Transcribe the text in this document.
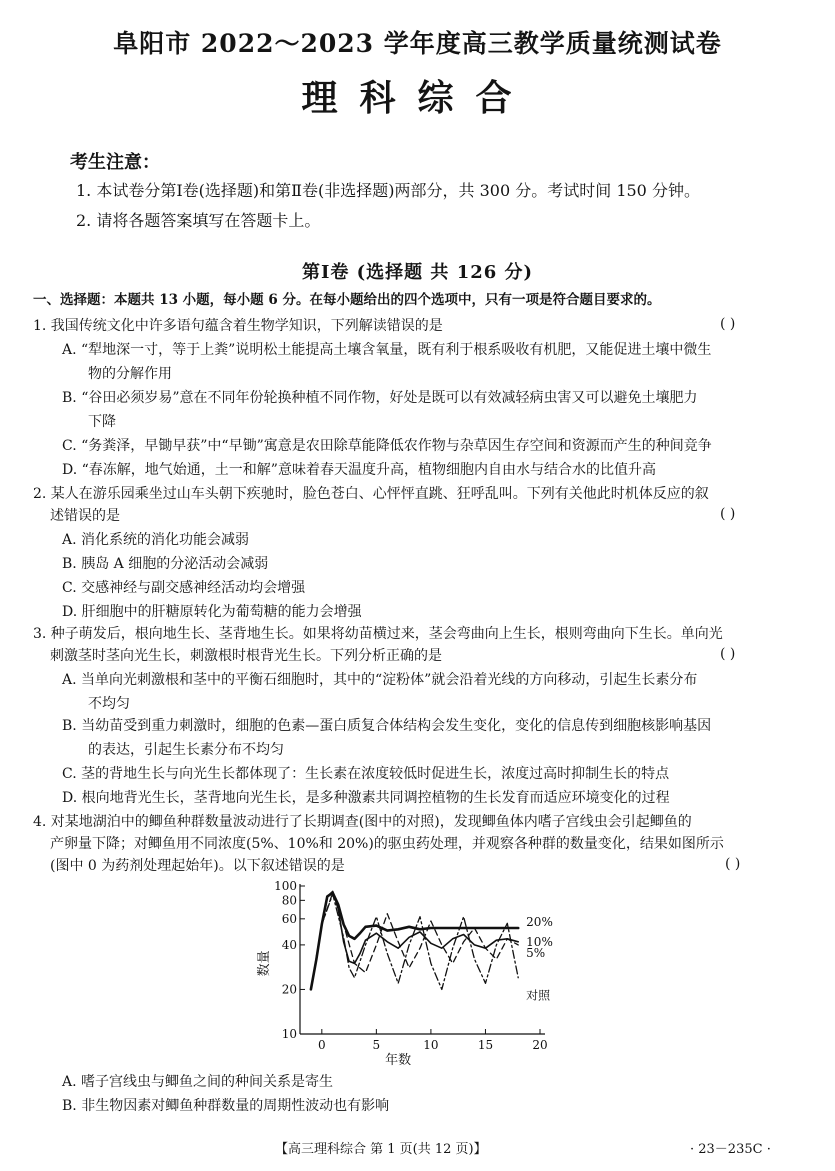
阜阳市 2022～2023 学年度高三教学质量统测试卷
理科综合
考生注意：
1. 本试卷分第Ⅰ卷(选择题)和第Ⅱ卷(非选择题)两部分，共 300 分。考试时间 150 分钟。
2. 请将各题答案填写在答题卡上。
第Ⅰ卷 (选择题 共 126 分)
一、选择题：本题共 13 小题，每小题 6 分。在每小题给出的四个选项中，只有一项是符合题目要求的。
1. 我国传统文化中许多语句蕴含着生物学知识，下列解读错误的是	( )
A. “犁地深一寸，等于上粪”说明松土能提高土壤含氧量，既有利于根系吸收有机肥，又能促进土壤中微生
物的分解作用
B. “谷田必须岁易”意在不同年份轮换种植不同作物，好处是既可以有效减轻病虫害又可以避免土壤肥力
下降
C. “务粪泽，早锄早获”中“早锄”寓意是农田除草能降低农作物与杂草因生存空间和资源而产生的种间竞争
D. “春冻解，地气始通，土一和解”意味着春天温度升高，植物细胞内自由水与结合水的比值升高
2. 某人在游乐园乘坐过山车头朝下疾驰时，脸色苍白、心怦怦直跳、狂呼乱叫。下列有关他此时机体反应的叙
述错误的是	( )
A. 消化系统的消化功能会减弱
B. 胰岛 A 细胞的分泌活动会减弱
C. 交感神经与副交感神经活动均会增强
D. 肝细胞中的肝糖原转化为葡萄糖的能力会增强
3. 种子萌发后，根向地生长、茎背地生长。如果将幼苗横过来，茎会弯曲向上生长，根则弯曲向下生长。单向光
刺激茎时茎向光生长，刺激根时根背光生长。下列分析正确的是	( )
A. 当单向光刺激根和茎中的平衡石细胞时，其中的“淀粉体”就会沿着光线的方向移动，引起生长素分布
不均匀
B. 当幼苗受到重力刺激时，细胞的色素—蛋白质复合体结构会发生变化，变化的信息传到细胞核影响基因
的表达，引起生长素分布不均匀
C. 茎的背地生长与向光生长都体现了：生长素在浓度较低时促进生长，浓度过高时抑制生长的特点
D. 根向地背光生长，茎背地向光生长，是多种激素共同调控植物的生长发育而适应环境变化的过程
4. 对某地湖泊中的鲫鱼种群数量波动进行了长期调查(图中的对照)，发现鲫鱼体内嗜子宫线虫会引起鲫鱼的
产卵量下降；对鲫鱼用不同浓度(5%、10%和 20%)的驱虫药处理，并观察各种群的数量变化，结果如图所示
(图中 0 为药剂处理起始年)。以下叙述错误的是	( )
10
20
40
60
80
100
0	5	10	15	20
年数
数量
20%
10%
5%
对照
A. 嗜子宫线虫与鲫鱼之间的种间关系是寄生
B. 非生物因素对鲫鱼种群数量的周期性波动也有影响
【高三理科综合 第 1 页(共 12 页)】	· 23－235C ·
